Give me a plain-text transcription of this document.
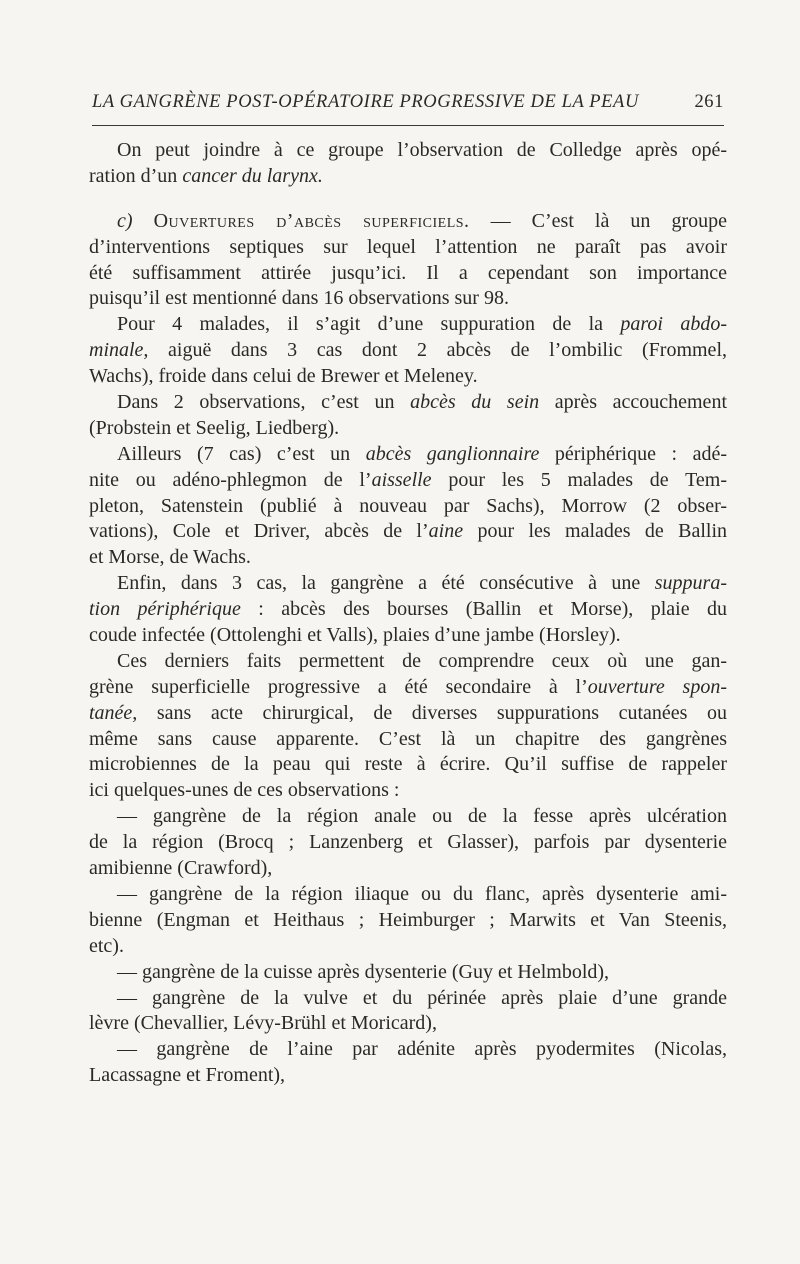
LA GANGRÈNE POST-OPÉRATOIRE PROGRESSIVE DE LA PEAU	261
On peut joindre à ce groupe l’observation de Colledge après opé-
ration d’un cancer du larynx.
c) Ouvertures d’abcès superficiels. — C’est là un groupe
d’interventions septiques sur lequel l’attention ne paraît pas avoir
été suffisamment attirée jusqu’ici. Il a cependant son importance
puisqu’il est mentionné dans 16 observations sur 98.
Pour 4 malades, il s’agit d’une suppuration de la paroi abdo-
minale, aiguë dans 3 cas dont 2 abcès de l’ombilic (Frommel,
Wachs), froide dans celui de Brewer et Meleney.
Dans 2 observations, c’est un abcès du sein après accouchement
(Probstein et Seelig, Liedberg).
Ailleurs (7 cas) c’est un abcès ganglionnaire périphérique : adé-
nite ou adéno-phlegmon de l’aisselle pour les 5 malades de Tem-
pleton, Satenstein (publié à nouveau par Sachs), Morrow (2 obser-
vations), Cole et Driver, abcès de l’aine pour les malades de Ballin
et Morse, de Wachs.
Enfin, dans 3 cas, la gangrène a été consécutive à une suppura-
tion périphérique : abcès des bourses (Ballin et Morse), plaie du
coude infectée (Ottolenghi et Valls), plaies d’une jambe (Horsley).
Ces derniers faits permettent de comprendre ceux où une gan-
grène superficielle progressive a été secondaire à l’ouverture spon-
tanée, sans acte chirurgical, de diverses suppurations cutanées ou
même sans cause apparente. C’est là un chapitre des gangrènes
microbiennes de la peau qui reste à écrire. Qu’il suffise de rappeler
ici quelques-unes de ces observations :
— gangrène de la région anale ou de la fesse après ulcération
de la région (Brocq ; Lanzenberg et Glasser), parfois par dysenterie
amibienne (Crawford),
— gangrène de la région iliaque ou du flanc, après dysenterie ami-
bienne (Engman et Heithaus ; Heimburger ; Marwits et Van Steenis,
etc).
— gangrène de la cuisse après dysenterie (Guy et Helmbold),
— gangrène de la vulve et du périnée après plaie d’une grande
lèvre (Chevallier, Lévy-Brühl et Moricard),
— gangrène de l’aine par adénite après pyodermites (Nicolas,
Lacassagne et Froment),
